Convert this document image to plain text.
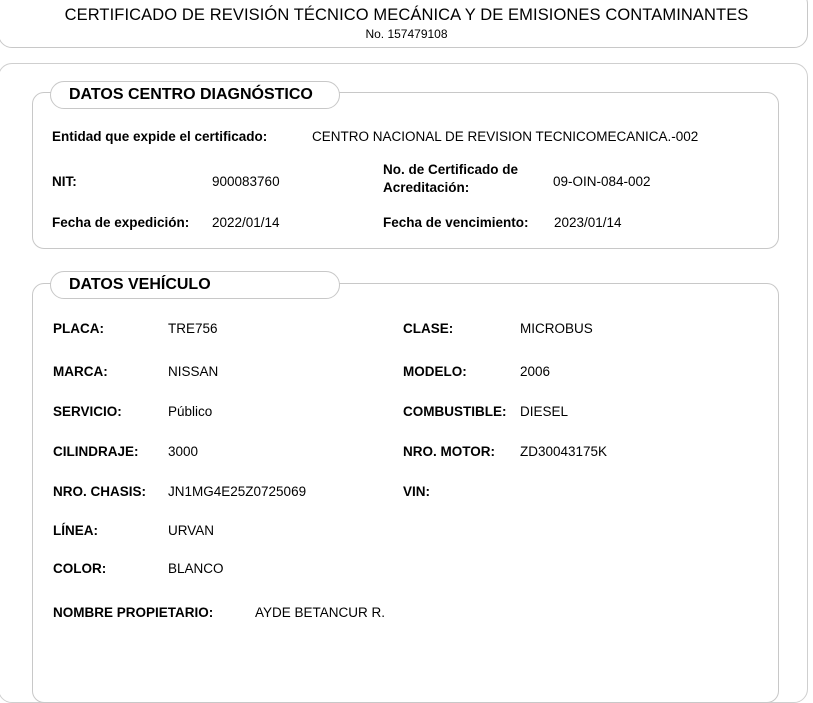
CERTIFICADO DE REVISIÓN TÉCNICO MECÁNICA Y DE EMISIONES CONTAMINANTES
No. 157479108
DATOS CENTRO DIAGNÓSTICO
Entidad que expide el certificado:	CENTRO NACIONAL DE REVISION TECNICOMECANICA.-002
NIT:	900083760
No. de Certificado de
Acreditación:	09-OIN-084-002
Fecha de expedición: 2022/01/14	Fecha de vencimiento: 2023/01/14
DATOS VEHÍCULO
PLACA:	TRE756	CLASE:	MICROBUS
MARCA:	NISSAN	MODELO:	2006
SERVICIO:	Público	COMBUSTIBLE: DIESEL
CILINDRAJE: 3000	NRO. MOTOR: ZD30043175K
NRO. CHASIS: JN1MG4E25Z0725069	VIN:
LÍNEA:	URVAN
COLOR:	BLANCO
NOMBRE PROPIETARIO:	AYDE BETANCUR R.
